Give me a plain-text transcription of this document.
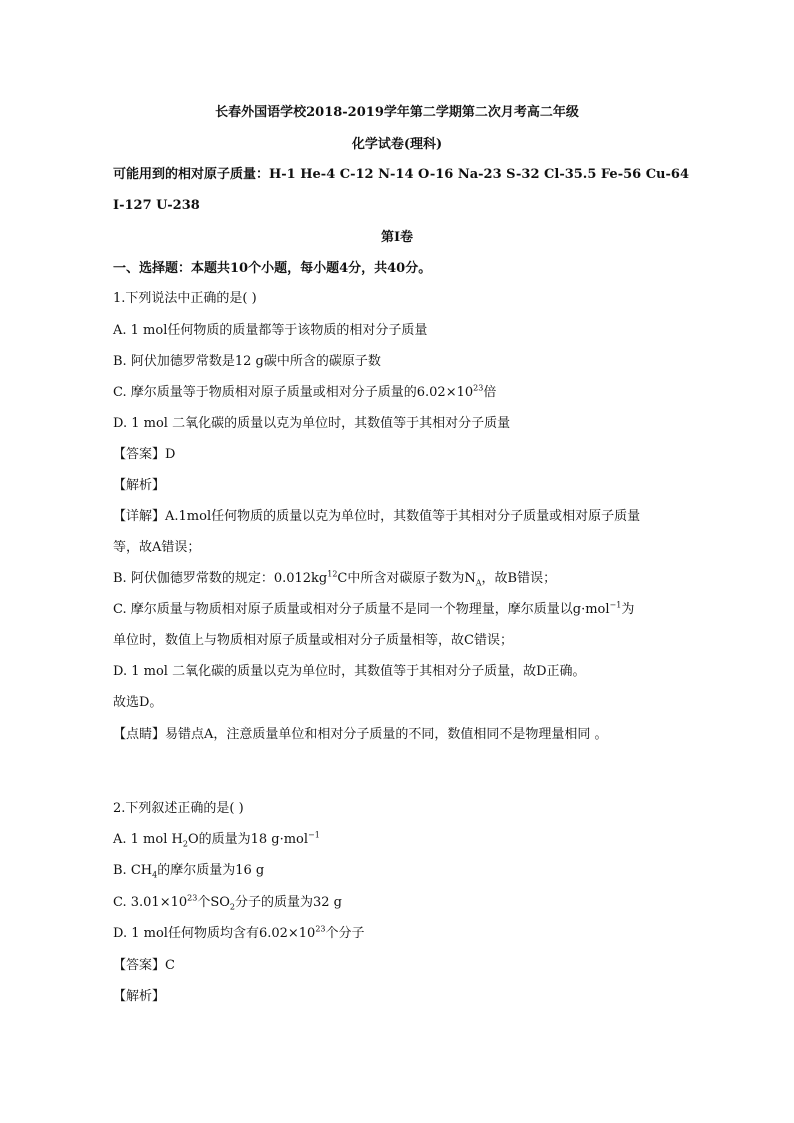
长春外国语学校2018-2019学年第二学期第二次月考高二年级
化学试卷(理科)
可能用到的相对原子质量：H-1 He-4 C-12 N-14 O-16 Na-23 S-32 Cl-35.5 Fe-56 Cu-64
I-127 U-238
第Ⅰ卷
一、选择题：本题共10个小题，每小题4分，共40分。
1.下列说法中正确的是( )
A. 1 mol任何物质的质量都等于该物质的相对分子质量
B. 阿伏加德罗常数是12 g碳中所含的碳原子数
C. 摩尔质量等于物质相对原子质量或相对分子质量的$6.02\times 10^{23}$倍
D. 1 mol 二氧化碳的质量以克为单位时，其数值等于其相对分子质量
【答案】D
【解析】
【详解】A.1mol任何物质的质量以克为单位时，其数值等于其相对分子质量或相对原子质量
等，故A错误；
B. 阿伏伽德罗常数的规定：$0.012kg^{12}C$中所含对碳原子数为$N_A$，故B错误；
C. 摩尔质量与物质相对原子质量或相对分子质量不是同一个物理量，摩尔质量以g·mol$^{-1}$为
单位时，数值上与物质相对原子质量或相对分子质量相等，故C错误；
D. 1 mol 二氧化碳的质量以克为单位时，其数值等于其相对分子质量，故D正确。
故选D。
【点睛】易错点A，注意质量单位和相对分子质量的不同，数值相同不是物理量相同 。
2.下列叙述正确的是( )
A. 1 mol $H_2O$的质量为18 g·mol$^{-1}$
B. $CH_4$的摩尔质量为16 g
C. $3.01\times 10^{23}$个$SO_2$分子的质量为32 g
D. 1 mol任何物质均含有$6.02\times 10^{23}$个分子
【答案】C
【解析】
